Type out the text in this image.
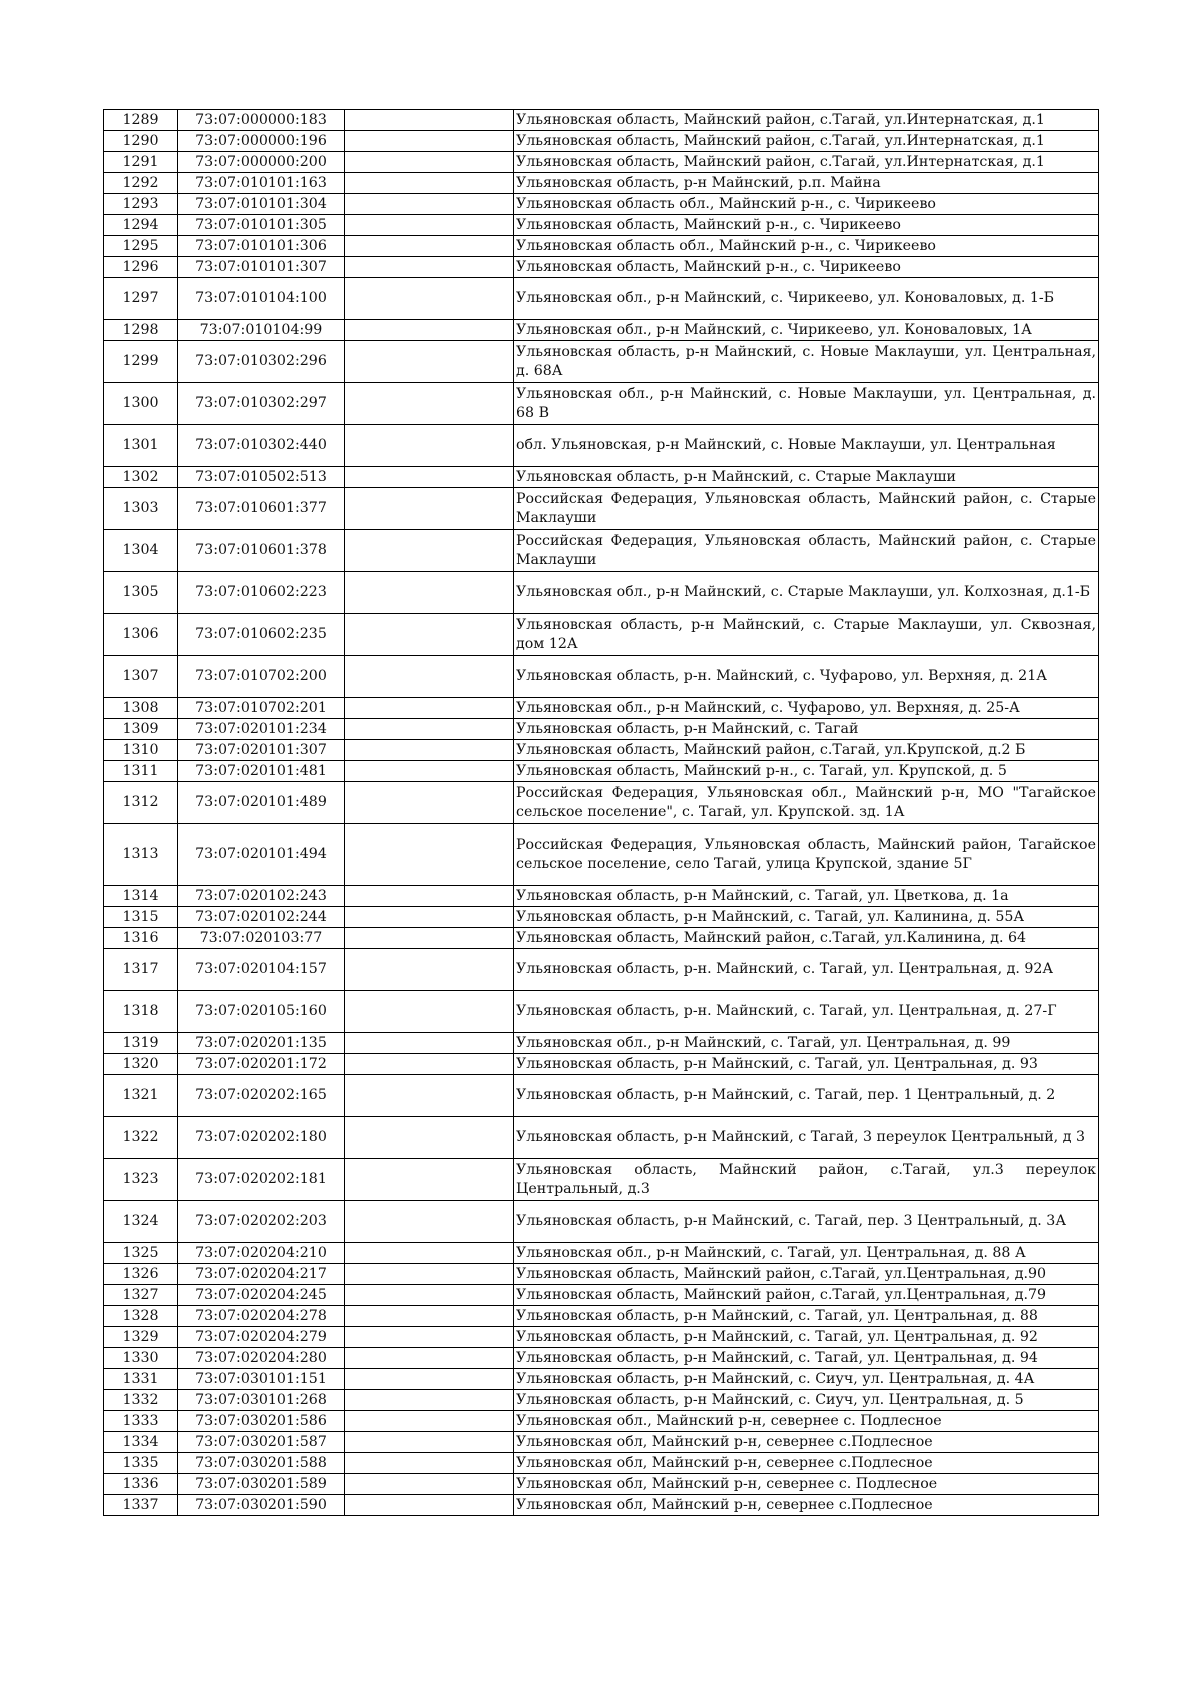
1289	73:07:000000:183		Ульяновская область, Майнский район, с.Тагай, ул.Интернатская, д.1
1290	73:07:000000:196		Ульяновская область, Майнский район, с.Тагай, ул.Интернатская, д.1
1291	73:07:000000:200		Ульяновская область, Майнский район, с.Тагай, ул.Интернатская, д.1
1292	73:07:010101:163		Ульяновская область, р-н Майнский, р.п. Майна
1293	73:07:010101:304		Ульяновская область обл., Майнский р-н., с. Чирикеево
1294	73:07:010101:305		Ульяновская область, Майнский р-н., с. Чирикеево
1295	73:07:010101:306		Ульяновская область обл., Майнский р-н., с. Чирикеево
1296	73:07:010101:307		Ульяновская область, Майнский р-н., с. Чирикеево
1297	73:07:010104:100		Ульяновская обл., р-н Майнский, с. Чирикеево, ул. Коноваловых, д. 1-Б
1298	73:07:010104:99		Ульяновская обл., р-н Майнский, с. Чирикеево, ул. Коноваловых, 1А
1299	73:07:010302:296		Ульяновская область, р-н Майнский, с. Новые Маклауши, ул. Центральная, д. 68А
1300	73:07:010302:297		Ульяновская обл., р-н Майнский, с. Новые Маклауши, ул. Центральная, д. 68 В
1301	73:07:010302:440		обл. Ульяновская, р-н Майнский, с. Новые Маклауши, ул. Центральная
1302	73:07:010502:513		Ульяновская область, р-н Майнский, с. Старые Маклауши
1303	73:07:010601:377		Российская Федерация, Ульяновская область, Майнский район, с. Старые Маклауши
1304	73:07:010601:378		Российская Федерация, Ульяновская область, Майнский район, с. Старые Маклауши
1305	73:07:010602:223		Ульяновская обл., р-н Майнский, с. Старые Маклауши, ул. Колхозная, д.1-Б
1306	73:07:010602:235		Ульяновская область, р-н Майнский, с. Старые Маклауши, ул. Сквозная, дом 12А
1307	73:07:010702:200		Ульяновская область, р-н. Майнский, с. Чуфарово, ул. Верхняя, д. 21А
1308	73:07:010702:201		Ульяновская обл., р-н Майнский, с. Чуфарово, ул. Верхняя, д. 25-А
1309	73:07:020101:234		Ульяновская область, р-н Майнский, с. Тагай
1310	73:07:020101:307		Ульяновская область, Майнский район, с.Тагай, ул.Крупской, д.2 Б
1311	73:07:020101:481		Ульяновская область, Майнский р-н., с. Тагай, ул. Крупской, д. 5
1312	73:07:020101:489		Российская Федерация, Ульяновская обл., Майнский р-н, МО "Тагайское сельское поселение", с. Тагай, ул. Крупской. зд. 1А
1313	73:07:020101:494		Российская Федерация, Ульяновская область, Майнский район, Тагайское сельское поселение, село Тагай, улица Крупской, здание 5Г
1314	73:07:020102:243		Ульяновская область, р-н Майнский, с. Тагай, ул. Цветкова, д. 1а
1315	73:07:020102:244		Ульяновская область, р-н Майнский, с. Тагай, ул. Калинина, д. 55А
1316	73:07:020103:77		Ульяновская область, Майнский район, с.Тагай, ул.Калинина, д. 64
1317	73:07:020104:157		Ульяновская область, р-н. Майнский, с. Тагай, ул. Центральная, д. 92А
1318	73:07:020105:160		Ульяновская область, р-н. Майнский, с. Тагай, ул. Центральная, д. 27-Г
1319	73:07:020201:135		Ульяновская обл., р-н Майнский, с. Тагай, ул. Центральная, д. 99
1320	73:07:020201:172		Ульяновская область, р-н Майнский, с. Тагай, ул. Центральная, д. 93
1321	73:07:020202:165		Ульяновская область, р-н Майнский, с. Тагай, пер. 1 Центральный, д. 2
1322	73:07:020202:180		Ульяновская область, р-н Майнский, с Тагай, 3 переулок Центральный, д 3
1323	73:07:020202:181		Ульяновская область, Майнский район, с.Тагай, ул.3 переулок Центральный, д.3
1324	73:07:020202:203		Ульяновская область, р-н Майнский, с. Тагай, пер. 3 Центральный, д. 3А
1325	73:07:020204:210		Ульяновская обл., р-н Майнский, с. Тагай, ул. Центральная, д. 88 А
1326	73:07:020204:217		Ульяновская область, Майнский район, с.Тагай, ул.Центральная, д.90
1327	73:07:020204:245		Ульяновская область, Майнский район, с.Тагай, ул.Центральная, д.79
1328	73:07:020204:278		Ульяновская область, р-н Майнский, с. Тагай, ул. Центральная, д. 88
1329	73:07:020204:279		Ульяновская область, р-н Майнский, с. Тагай, ул. Центральная, д. 92
1330	73:07:020204:280		Ульяновская область, р-н Майнский, с. Тагай, ул. Центральная, д. 94
1331	73:07:030101:151		Ульяновская область, р-н Майнский, с. Сиуч, ул. Центральная, д. 4А
1332	73:07:030101:268		Ульяновская область, р-н Майнский, с. Сиуч, ул. Центральная, д. 5
1333	73:07:030201:586		Ульяновская обл., Майнский р-н, севернее с. Подлесное
1334	73:07:030201:587		Ульяновская обл, Майнский р-н, севернее с.Подлесное
1335	73:07:030201:588		Ульяновская обл, Майнский р-н, севернее с.Подлесное
1336	73:07:030201:589		Ульяновская обл, Майнский р-н, севернее с. Подлесное
1337	73:07:030201:590		Ульяновская обл, Майнский р-н, севернее с.Подлесное
